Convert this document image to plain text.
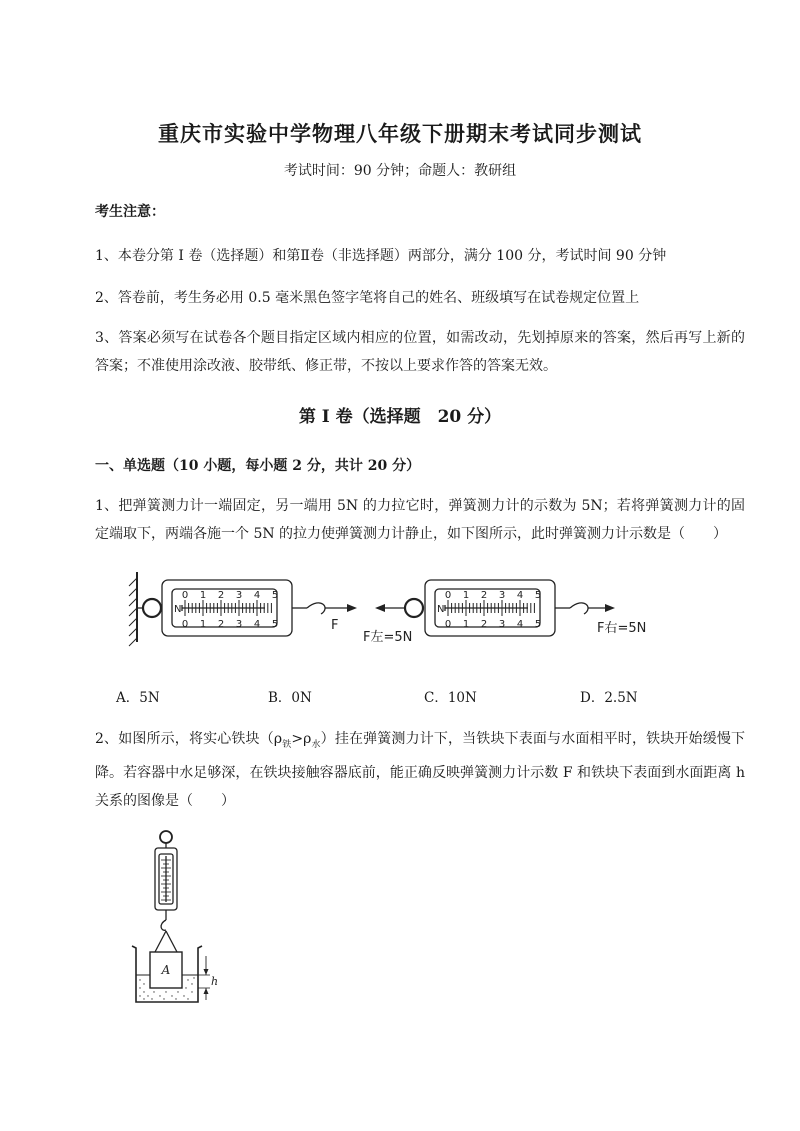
重庆市实验中学物理八年级下册期末考试同步测试
考试时间：90 分钟；命题人：教研组
考生注意：
1、本卷分第 I 卷（选择题）和第Ⅱ卷（非选择题）两部分，满分 100 分，考试时间 90 分钟
2、答卷前，考生务必用 0.5 毫米黑色签字笔将自己的姓名、班级填写在试卷规定位置上
3、答案必须写在试卷各个题目指定区域内相应的位置，如需改动，先划掉原来的答案，然后再写上新的答案；不准使用涂改液、胶带纸、修正带，不按以上要求作答的答案无效。
第 I 卷（选择题　20 分）
一、单选题（10 小题，每小题 2 分，共计 20 分）
1、把弹簧测力计一端固定，另一端用 5N 的力拉它时，弹簧测力计的示数为 5N；若将弹簧测力计的固定端取下，两端各施一个 5N 的拉力使弹簧测力计静止，如下图所示，此时弹簧测力计示数是（　　）
N
0 1 2 3 4 5
0 1 2 3 4 5	F
N
0 1 2 3 4 5
0 1 2 3 4 5
F左=5N
F右=5N
A．5N	B．0N	C．10N	D．2.5N
2、如图所示，将实心铁块$(\rho_铁>\rho_水)$挂在弹簧测力计下，当铁块下表面与水面相平时，铁块开始缓慢下降。若容器中水足够深，在铁块接触容器底前，能正确反映弹簧测力计示数 F 和铁块下表面到水面距离 h 关系的图像是（　　）
A
h
